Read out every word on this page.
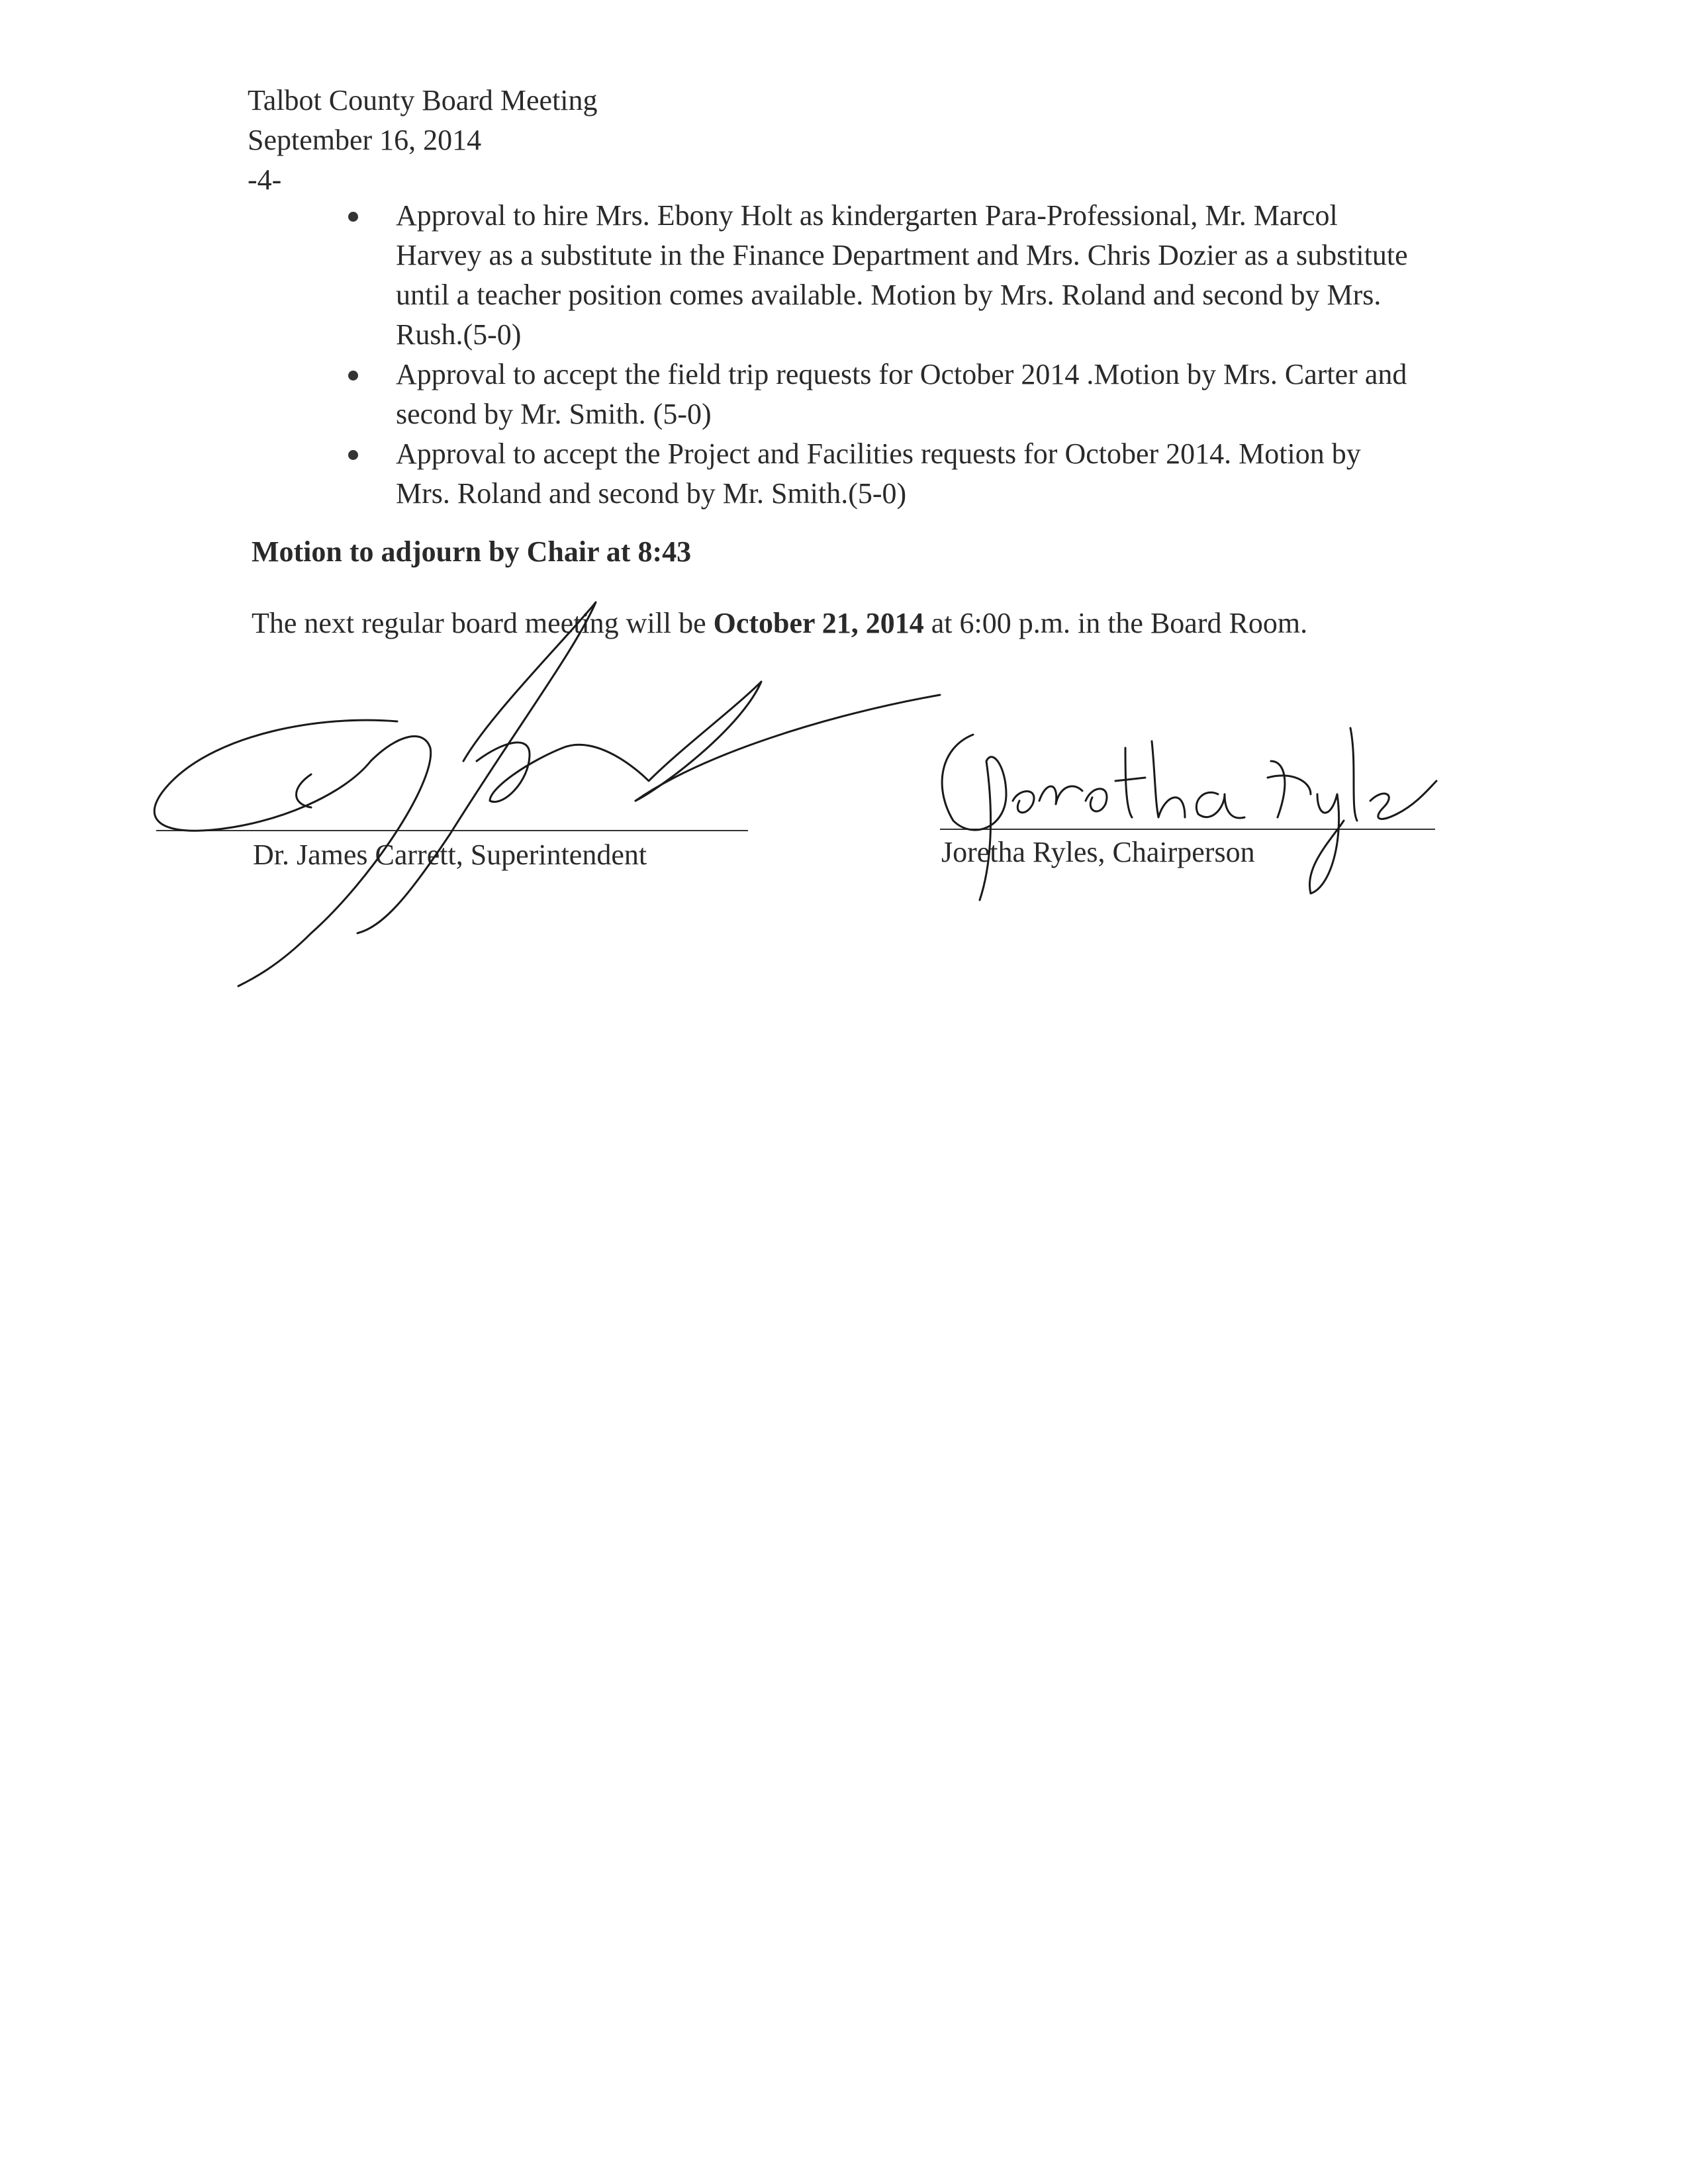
Talbot County Board Meeting
September 16, 2014
-4-
Approval to hire Mrs. Ebony Holt as kindergarten Para-Professional, Mr. Marcol Harvey as a substitute in the Finance Department and Mrs. Chris Dozier as a substitute until a teacher position comes available. Motion by Mrs. Roland and second by Mrs. Rush.(5-0)
Approval to accept the field trip requests for October 2014 .Motion by Mrs. Carter and second by Mr. Smith. (5-0)
Approval to accept the Project and Facilities requests for October 2014. Motion by Mrs. Roland and second by Mr. Smith.(5-0)
Motion to adjourn by Chair at 8:43
The next regular board meeting will be October 21, 2014 at 6:00 p.m. in the Board Room.
Dr. James Carrett, Superintendent	Joretha Ryles, Chairperson
